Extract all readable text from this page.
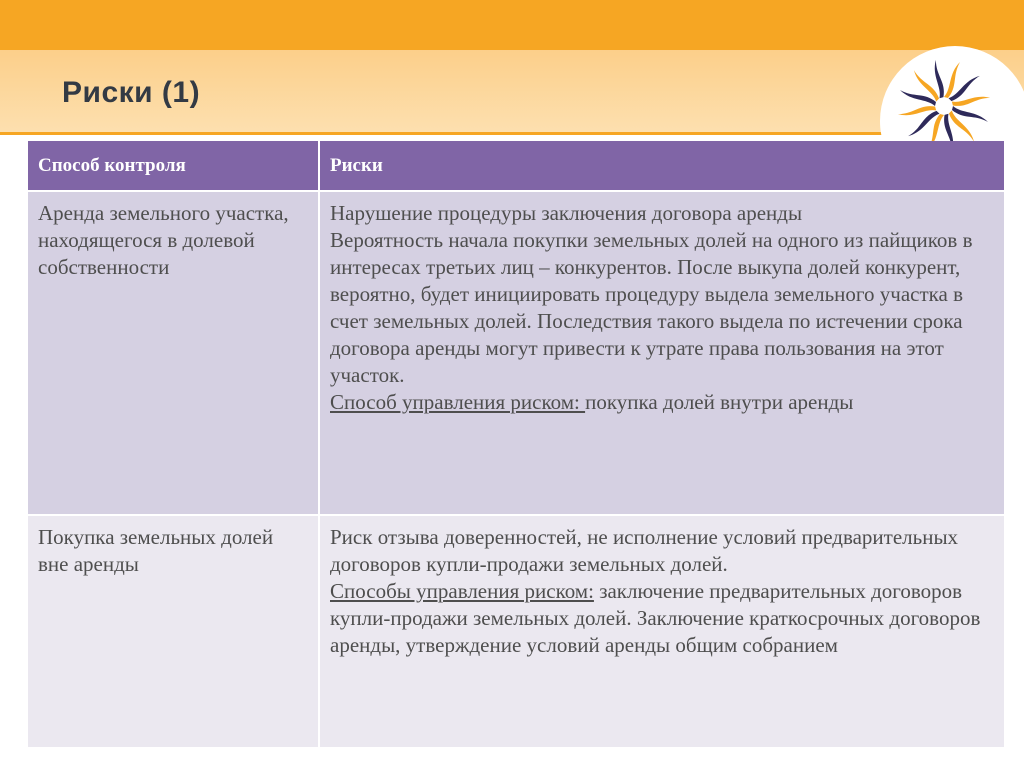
Риски (1)
Способ контроля	Риски
Аренда земельного участка, находящегося в долевой собственности
Нарушение процедуры заключения договора аренды
Вероятность начала покупки земельных долей на одного из пайщиков в интересах третьих лиц – конкурентов. После выкупа долей конкурент, вероятно, будет инициировать процедуру выдела земельного участка в счет земельных долей. Последствия такого выдела по истечении срока договора аренды могут привести к утрате права пользования на этот участок.
Способ управления риском: покупка долей внутри аренды
Покупка земельных долей вне аренды
Риск отзыва доверенностей, не исполнение условий предварительных договоров купли-продажи земельных долей.
Способы управления риском: заключение предварительных договоров купли-продажи земельных долей. Заключение краткосрочных договоров аренды, утверждение условий аренды общим собранием
